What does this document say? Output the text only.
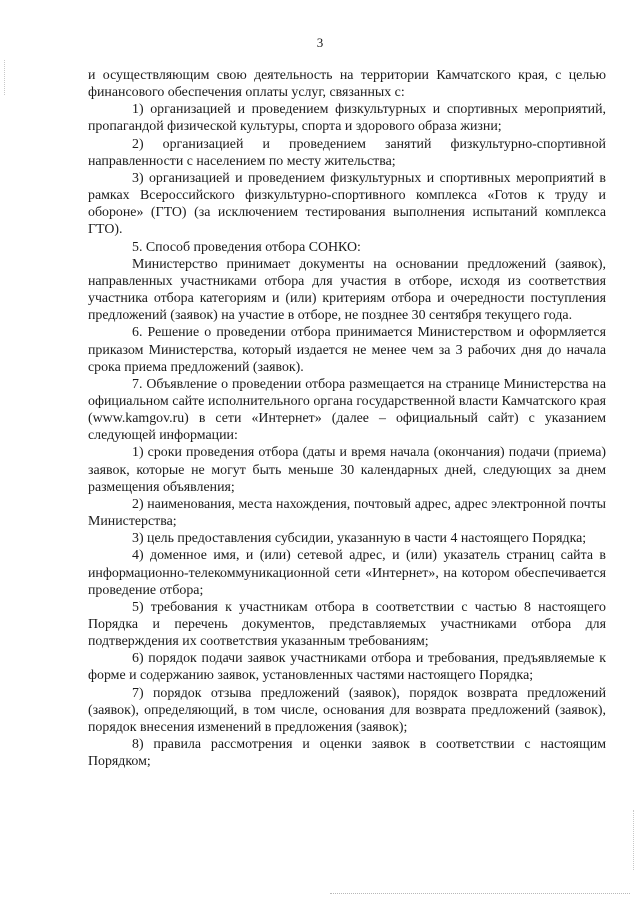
3

и осуществляющим свою деятельность на территории Камчатского края, с целью финансового обеспечения оплаты услуг, связанных с:

1) организацией и проведением физкультурных и спортивных мероприятий, пропагандой физической культуры, спорта и здорового образа жизни;

2) организацией и проведением занятий физкультурно-спортивной направленности с населением по месту жительства;

3) организацией и проведением физкультурных и спортивных мероприятий в рамках Всероссийского физкультурно-спортивного комплекса «Готов к труду и обороне» (ГТО) (за исключением тестирования выполнения испытаний комплекса ГТО).

5. Способ проведения отбора СОНКО:

Министерство принимает документы на основании предложений (заявок), направленных участниками отбора для участия в отборе, исходя из соответствия участника отбора категориям и (или) критериям отбора и очередности поступления предложений (заявок) на участие в отборе, не позднее 30 сентября текущего года.

6. Решение о проведении отбора принимается Министерством и оформляется приказом Министерства, который издается не менее чем за 3 рабочих дня до начала срока приема предложений (заявок).

7. Объявление о проведении отбора размещается на странице Министерства на официальном сайте исполнительного органа государственной власти Камчатского края (www.kamgov.ru) в сети «Интернет» (далее – официальный сайт) с указанием следующей информации:

1) сроки проведения отбора (даты и время начала (окончания) подачи (приема) заявок, которые не могут быть меньше 30 календарных дней, следующих за днем размещения объявления;

2) наименования, места нахождения, почтовый адрес, адрес электронной почты Министерства;

3) цель предоставления субсидии, указанную в части 4 настоящего Порядка;

4) доменное имя, и (или) сетевой адрес, и (или) указатель страниц сайта в информационно-телекоммуникационной сети «Интернет», на котором обеспечивается проведение отбора;

5) требования к участникам отбора в соответствии с частью 8 настоящего Порядка и перечень документов, представляемых участниками отбора для подтверждения их соответствия указанным требованиям;

6) порядок подачи заявок участниками отбора и требования, предъявляемые к форме и содержанию заявок, установленных частями настоящего Порядка;

7) порядок отзыва предложений (заявок), порядок возврата предложений (заявок), определяющий, в том числе, основания для возврата предложений (заявок), порядок внесения изменений в предложения (заявок);

8) правила рассмотрения и оценки заявок в соответствии с настоящим Порядком;
